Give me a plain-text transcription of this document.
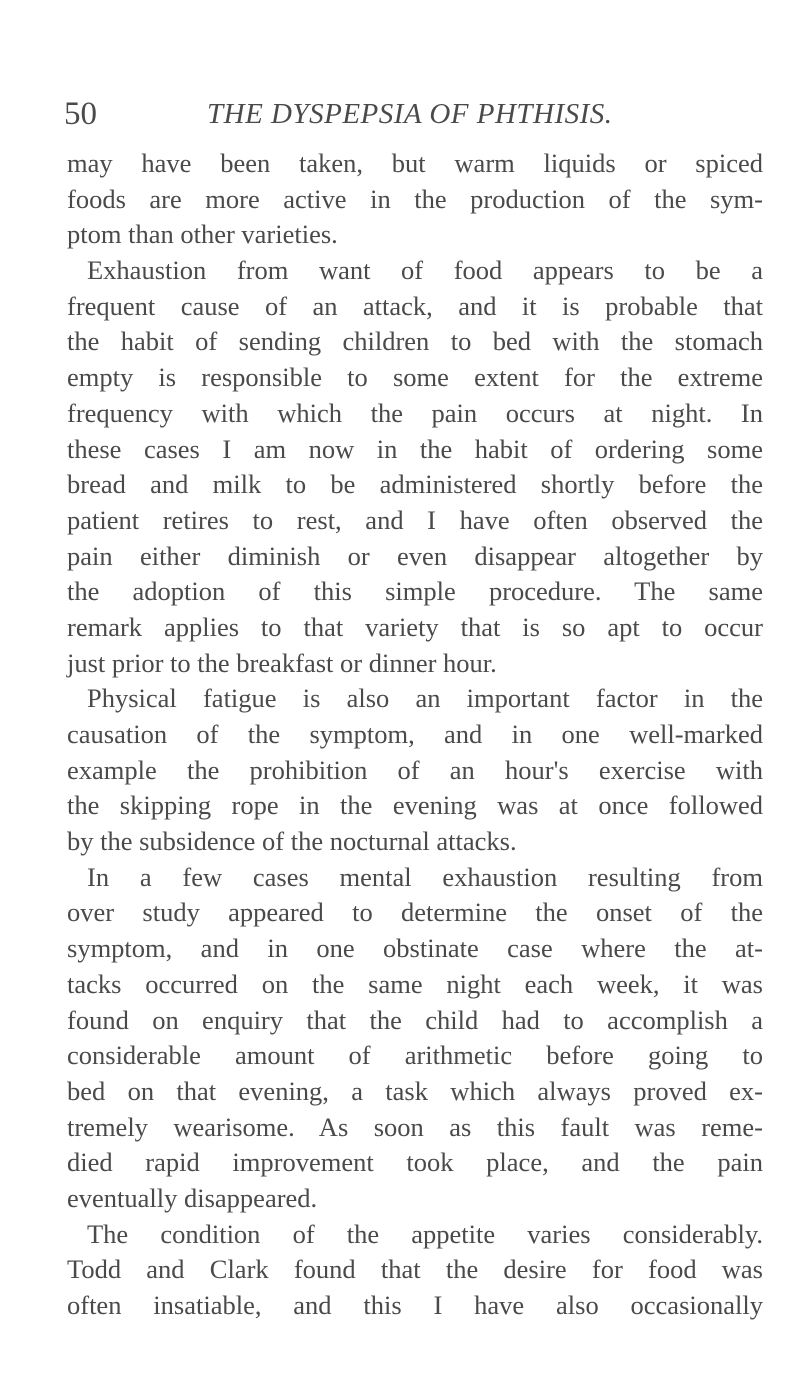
50	THE DYSPEPSIA OF PHTHISIS.
may have been taken, but warm liquids or spiced
foods are more active in the production of the sym-
ptom than other varieties.
Exhaustion from want of food appears to be a
frequent cause of an attack, and it is probable that
the habit of sending children to bed with the stomach
empty is responsible to some extent for the extreme
frequency with which the pain occurs at night. In
these cases I am now in the habit of ordering some
bread and milk to be administered shortly before the
patient retires to rest, and I have often observed the
pain either diminish or even disappear altogether by
the adoption of this simple procedure. The same
remark applies to that variety that is so apt to occur
just prior to the breakfast or dinner hour.
Physical fatigue is also an important factor in the
causation of the symptom, and in one well-marked
example the prohibition of an hour's exercise with
the skipping rope in the evening was at once followed
by the subsidence of the nocturnal attacks.
In a few cases mental exhaustion resulting from
over study appeared to determine the onset of the
symptom, and in one obstinate case where the at-
tacks occurred on the same night each week, it was
found on enquiry that the child had to accomplish a
considerable amount of arithmetic before going to
bed on that evening, a task which always proved ex-
tremely wearisome. As soon as this fault was reme-
died rapid improvement took place, and the pain
eventually disappeared.
The condition of the appetite varies considerably.
Todd and Clark found that the desire for food was
often insatiable, and this I have also occasionally
